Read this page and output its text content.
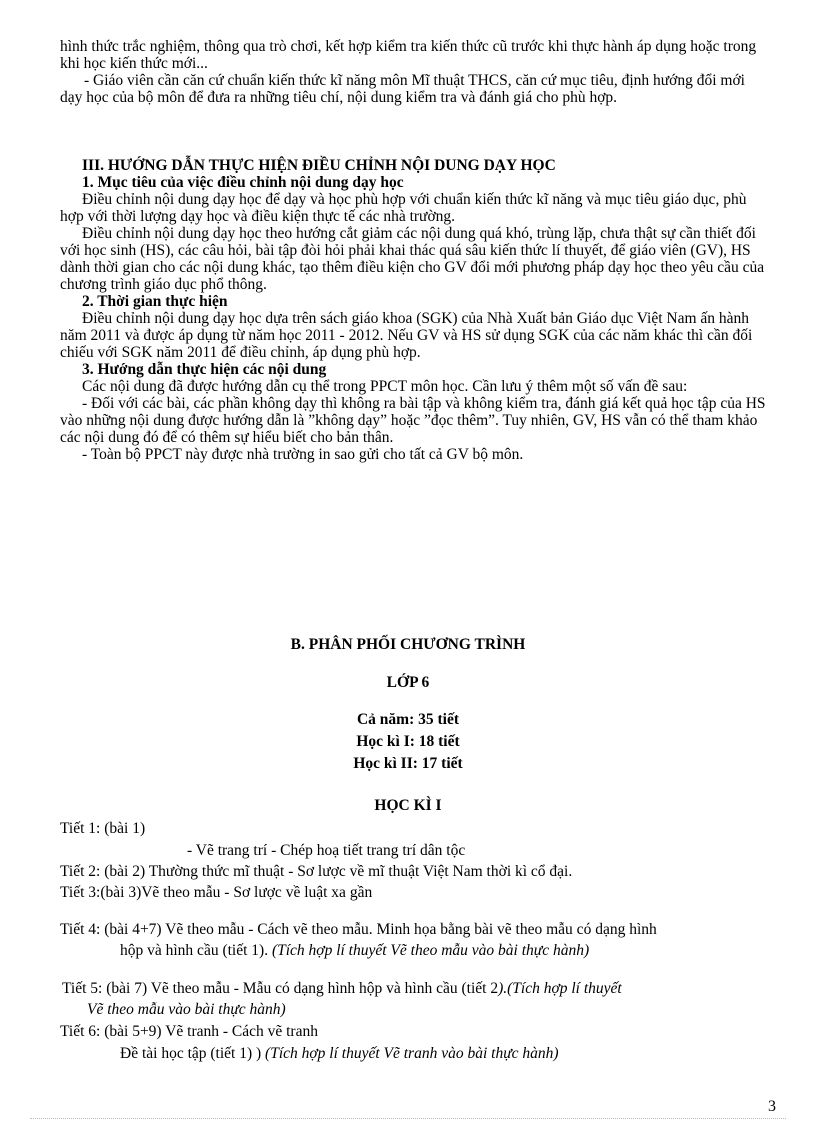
hình thức trắc nghiệm, thông qua trò chơi, kết hợp kiểm tra kiến thức cũ trước khi thực hành áp dụng hoặc trong khi học kiến thức mới...

- Giáo viên cần căn cứ chuẩn kiến thức kĩ năng môn Mĩ thuật THCS, căn cứ mục tiêu, định hướng đổi mới dạy học của bộ môn để đưa ra những tiêu chí, nội dung kiểm tra và đánh giá cho phù hợp.

III. HƯỚNG DẪN THỰC HIỆN ĐIỀU CHỈNH NỘI DUNG DẠY HỌC

1. Mục tiêu của việc điều chỉnh nội dung dạy học

Điều chỉnh nội dung dạy học để dạy và học phù hợp với chuẩn kiến thức kĩ năng và mục tiêu giáo dục, phù hợp với thời lượng dạy học và điều kiện thực tế các nhà trường.

Điều chỉnh nội dung dạy học theo hướng cắt giảm các nội dung quá khó, trùng lặp, chưa thật sự cần thiết đối với học sinh (HS), các câu hỏi, bài tập đòi hỏi phải khai thác quá sâu kiến thức lí thuyết, để giáo viên (GV), HS dành thời gian cho các nội dung khác, tạo thêm điều kiện cho GV đổi mới phương pháp dạy học theo yêu cầu của chương trình giáo dục phổ thông.

2. Thời gian thực hiện

Điều chỉnh nội dung dạy học dựa trên sách giáo khoa (SGK) của Nhà Xuất bản Giáo dục Việt Nam ấn hành năm 2011 và được áp dụng từ năm học 2011 - 2012. Nếu GV và HS sử dụng SGK của các năm khác thì cần đối chiếu với SGK năm 2011 để điều chỉnh, áp dụng phù hợp.

3. Hướng dẫn thực hiện các nội dung

Các nội dung đã được hướng dẫn cụ thể trong PPCT môn học. Cần lưu ý thêm một số vấn đề sau:

- Đối với các bài, các phần không dạy thì không ra bài tập và không kiểm tra, đánh giá kết quả học tập của HS vào những nội dung được hướng dẫn là ”không dạy” hoặc ”đọc thêm”. Tuy nhiên, GV, HS vẫn có thể tham khảo các nội dung đó để có thêm sự hiểu biết cho bản thân.

- Toàn bộ PPCT này được nhà trường in sao gửi cho tất cả GV bộ môn.

B. PHÂN PHỐI CHƯƠNG TRÌNH
LỚP 6
Cả năm: 35 tiết
Học kì I: 18 tiết
Học kì II: 17 tiết
HỌC KÌ I
Tiết 1: (bài 1)
- Vẽ trang trí - Chép hoạ tiết trang trí dân tộc
Tiết 2: (bài 2) Thường thức mĩ thuật - Sơ lược về mĩ thuật Việt Nam thời kì cổ đại.
Tiết 3:(bài 3)Vẽ theo mẫu - Sơ lược về luật xa gần
Tiết 4: (bài 4+7) Vẽ theo mẫu - Cách vẽ theo mẫu. Minh họa bằng bài vẽ theo mẫu có dạng hình
hộp và hình cầu (tiết 1). (Tích hợp lí thuyết Vẽ theo mẫu vào bài thực hành)
Tiết 5: (bài 7) Vẽ theo mẫu - Mẫu có dạng hình hộp và hình cầu (tiết 2).(Tích hợp lí thuyết
Vẽ theo mẫu vào bài thực hành)
Tiết 6: (bài 5+9) Vẽ tranh - Cách vẽ tranh
Đề tài học tập (tiết 1) ) (Tích hợp lí thuyết Vẽ tranh vào bài thực hành)
3
